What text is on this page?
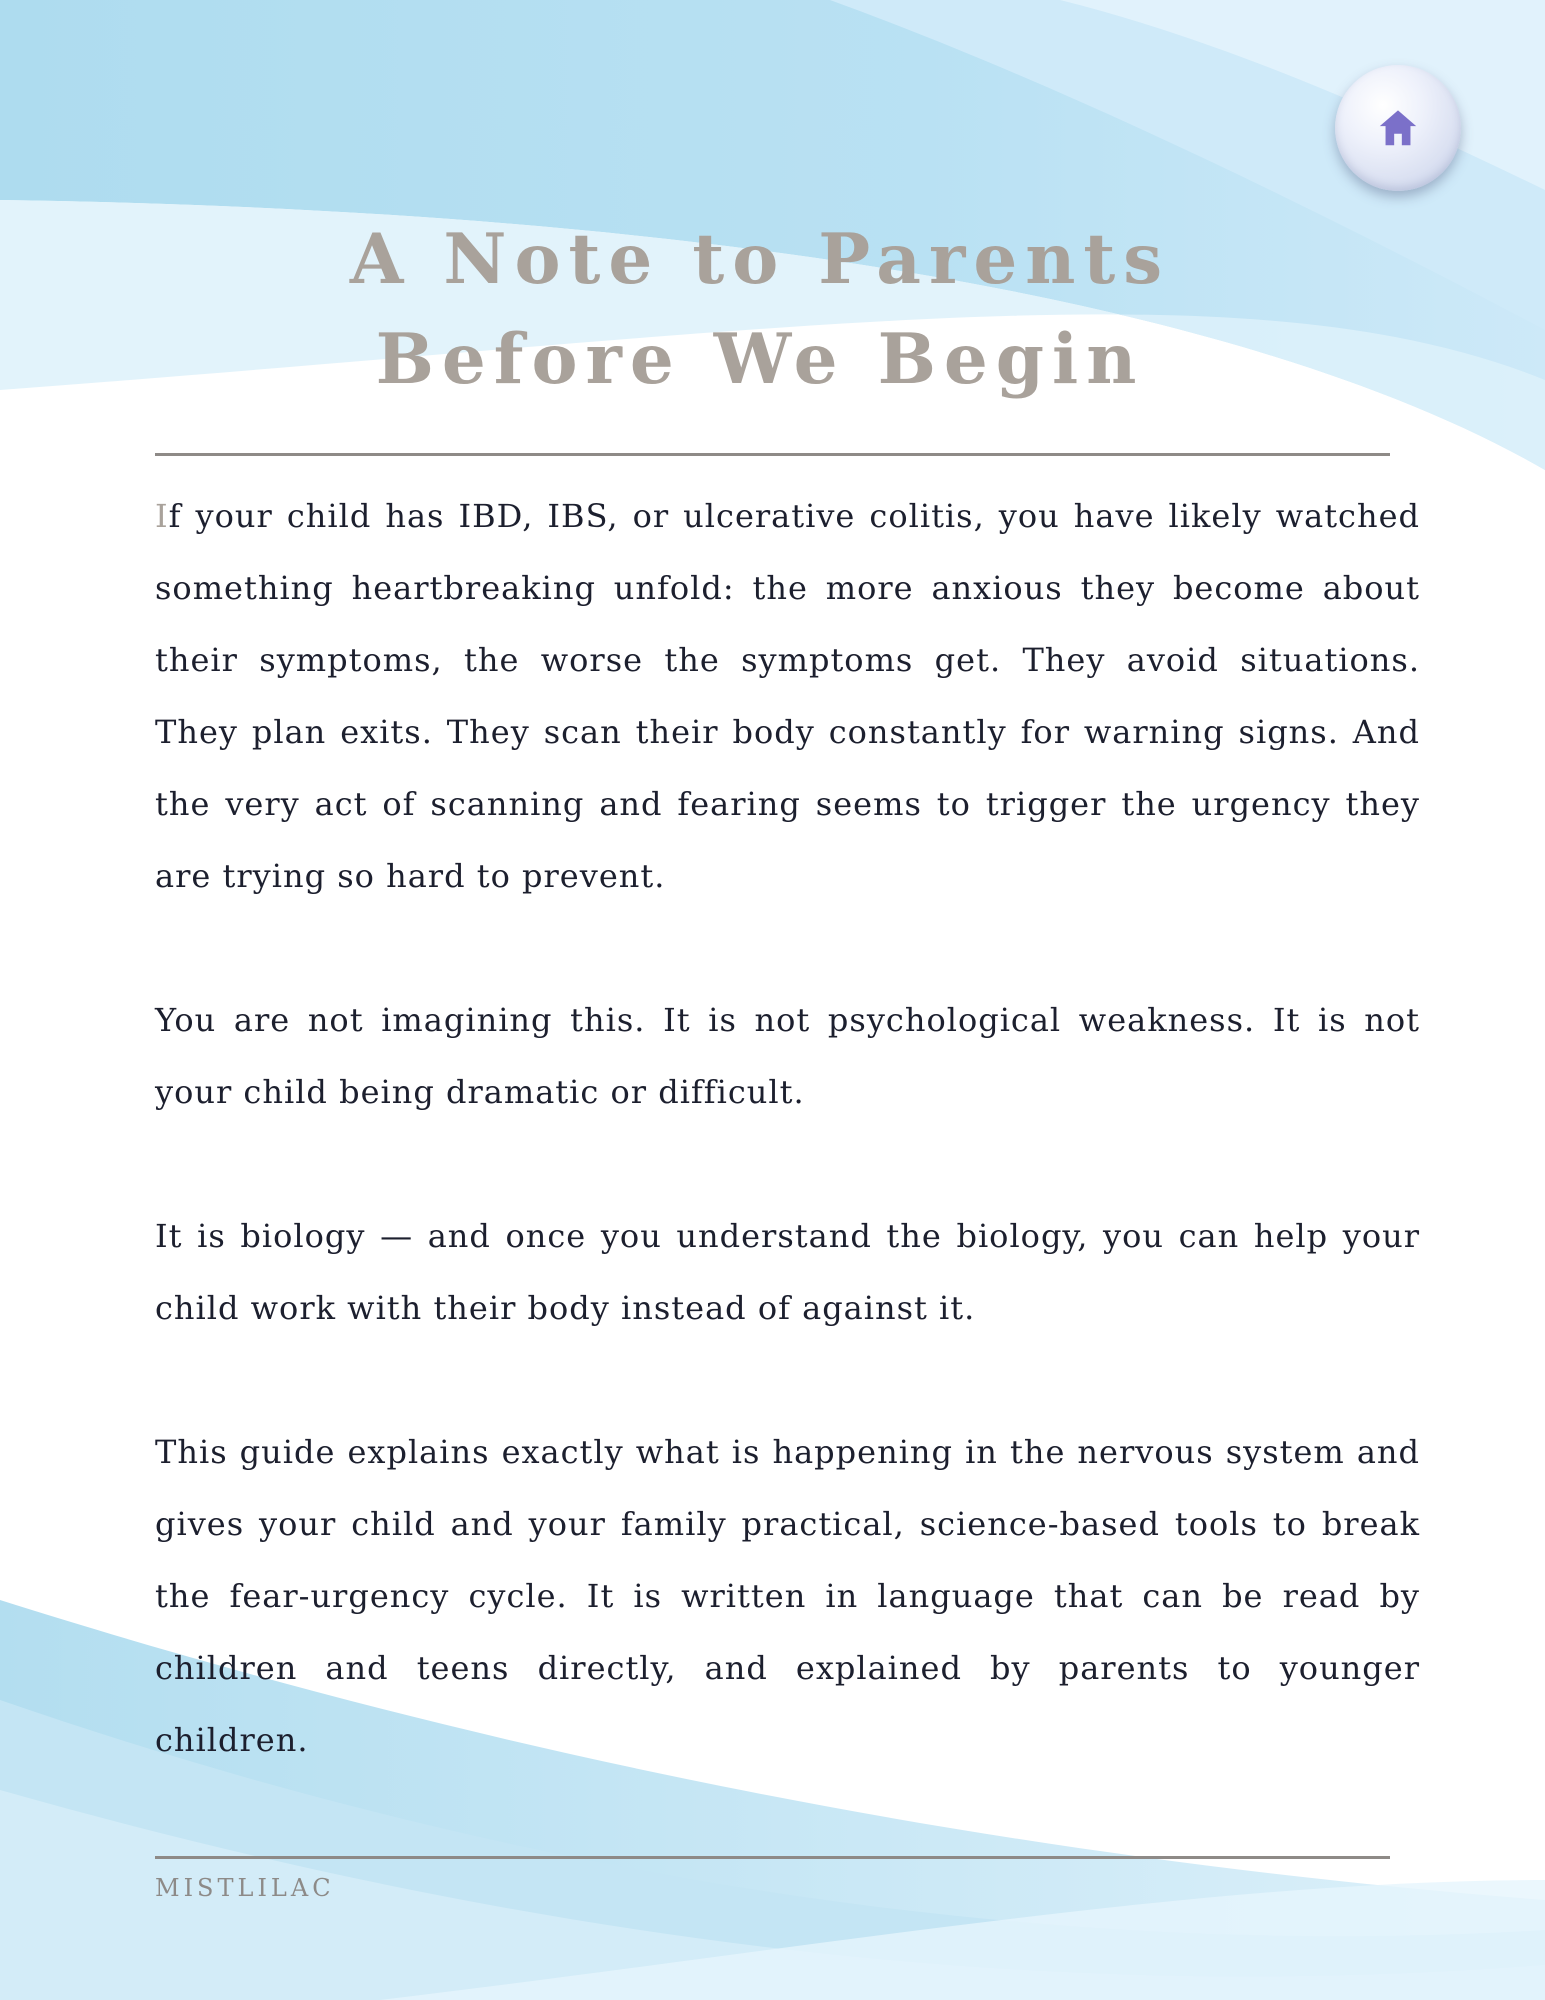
A Note to Parents
Before We Begin

If your child has IBD, IBS, or ulcerative colitis, you have likely watched something heartbreaking unfold: the more anxious they become about their symptoms, the worse the symptoms get. They avoid situations. They plan exits. They scan their body constantly for warning signs. And the very act of scanning and fearing seems to trigger the urgency they are trying so hard to prevent.

You are not imagining this. It is not psychological weakness. It is not your child being dramatic or difficult.

It is biology — and once you understand the biology, you can help your child work with their body instead of against it.

This guide explains exactly what is happening in the nervous system and gives your child and your family practical, science-based tools to break the fear-urgency cycle. It is written in language that can be read by children and teens directly, and explained by parents to younger children.

MISTLILAC
